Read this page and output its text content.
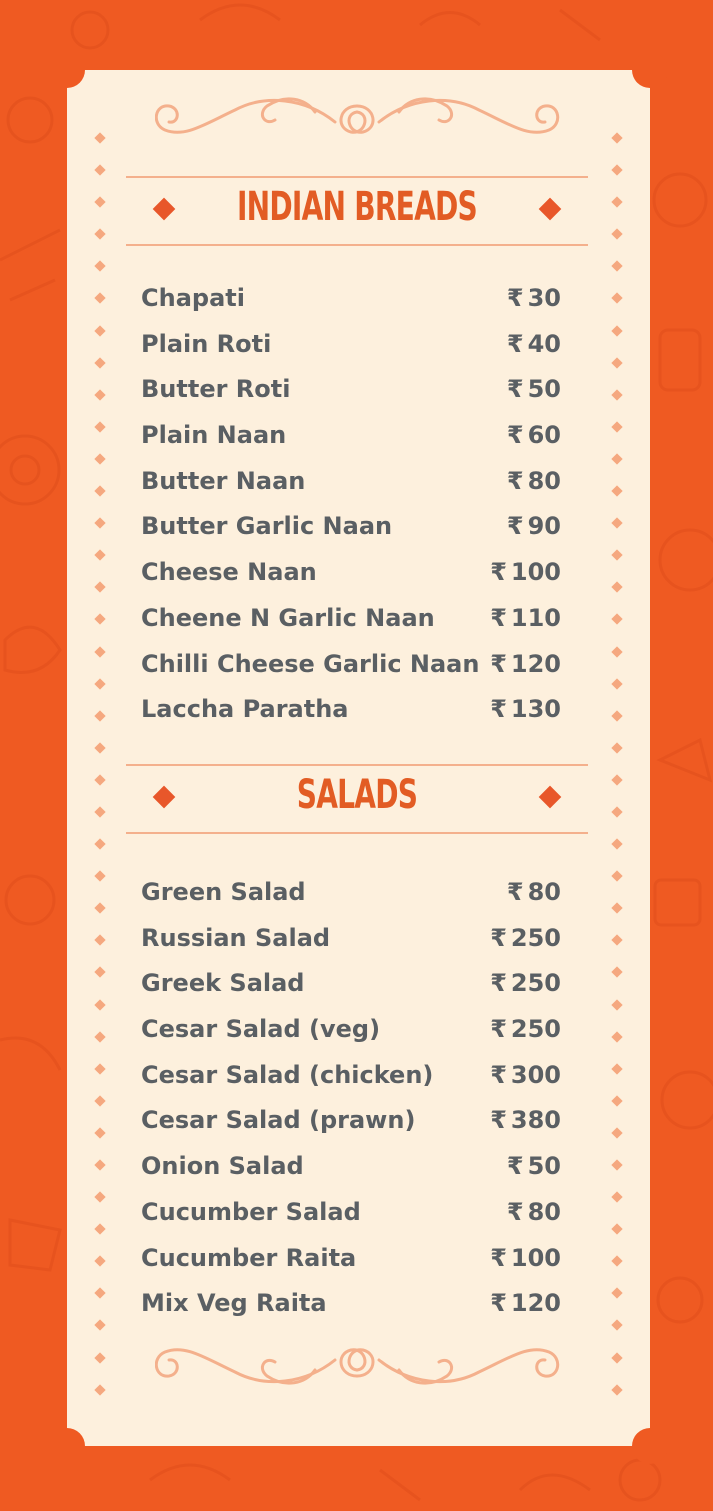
INDIAN BREADS
Chapati	₹ 30
Plain Roti	₹ 40
Butter Roti	₹ 50
Plain Naan	₹ 60
Butter Naan	₹ 80
Butter Garlic Naan	₹ 90
Cheese Naan	₹ 100
Cheene N Garlic Naan ₹ 110
Chilli Cheese Garlic Naan ₹ 120
Laccha Paratha	₹ 130
SALADS
Green Salad	₹ 80
Russian Salad	₹ 250
Greek Salad	₹ 250
Cesar Salad (veg)	₹ 250
Cesar Salad (chicken) ₹ 300
Cesar Salad (prawn)	₹ 380
Onion Salad	₹ 50
Cucumber Salad	₹ 80
Cucumber Raita	₹ 100
Mix Veg Raita	₹ 120
